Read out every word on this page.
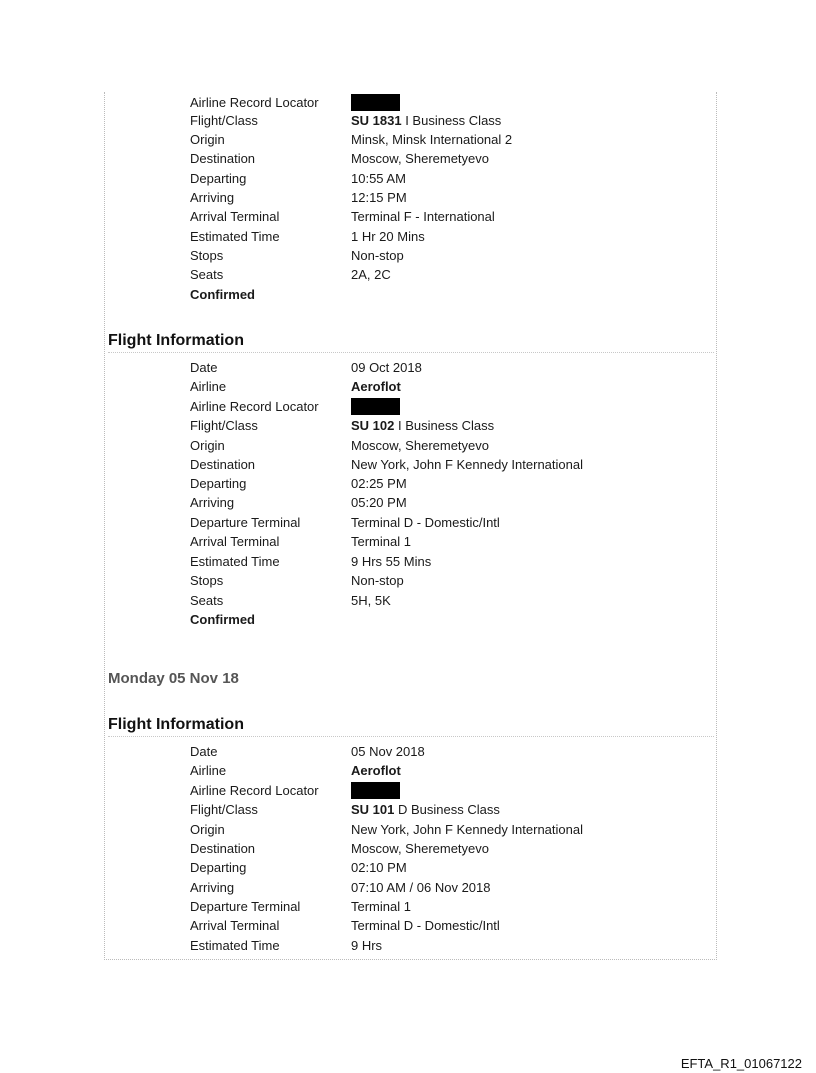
Airline Record Locator
Flight/Class	SU 1831 I Business Class
Origin	Minsk, Minsk International 2
Destination	Moscow, Sheremetyevo
Departing	10:55 AM
Arriving	12:15 PM
Arrival Terminal	Terminal F - International
Estimated Time	1 Hr 20 Mins
Stops	Non-stop
Seats	2A, 2C
Confirmed
Flight Information
Date	09 Oct 2018
Airline	Aeroflot
Airline Record Locator
Flight/Class	SU 102 I Business Class
Origin	Moscow, Sheremetyevo
Destination	New York, John F Kennedy International
Departing	02:25 PM
Arriving	05:20 PM
Departure Terminal	Terminal D - Domestic/Intl
Arrival Terminal	Terminal 1
Estimated Time	9 Hrs 55 Mins
Stops	Non-stop
Seats	5H, 5K
Confirmed
Monday 05 Nov 18
Flight Information
Date	05 Nov 2018
Airline	Aeroflot
Airline Record Locator
Flight/Class	SU 101 D Business Class
Origin	New York, John F Kennedy International
Destination	Moscow, Sheremetyevo
Departing	02:10 PM
Arriving	07:10 AM / 06 Nov 2018
Departure Terminal	Terminal 1
Arrival Terminal	Terminal D - Domestic/Intl
Estimated Time	9 Hrs
EFTA_R1_01067122
